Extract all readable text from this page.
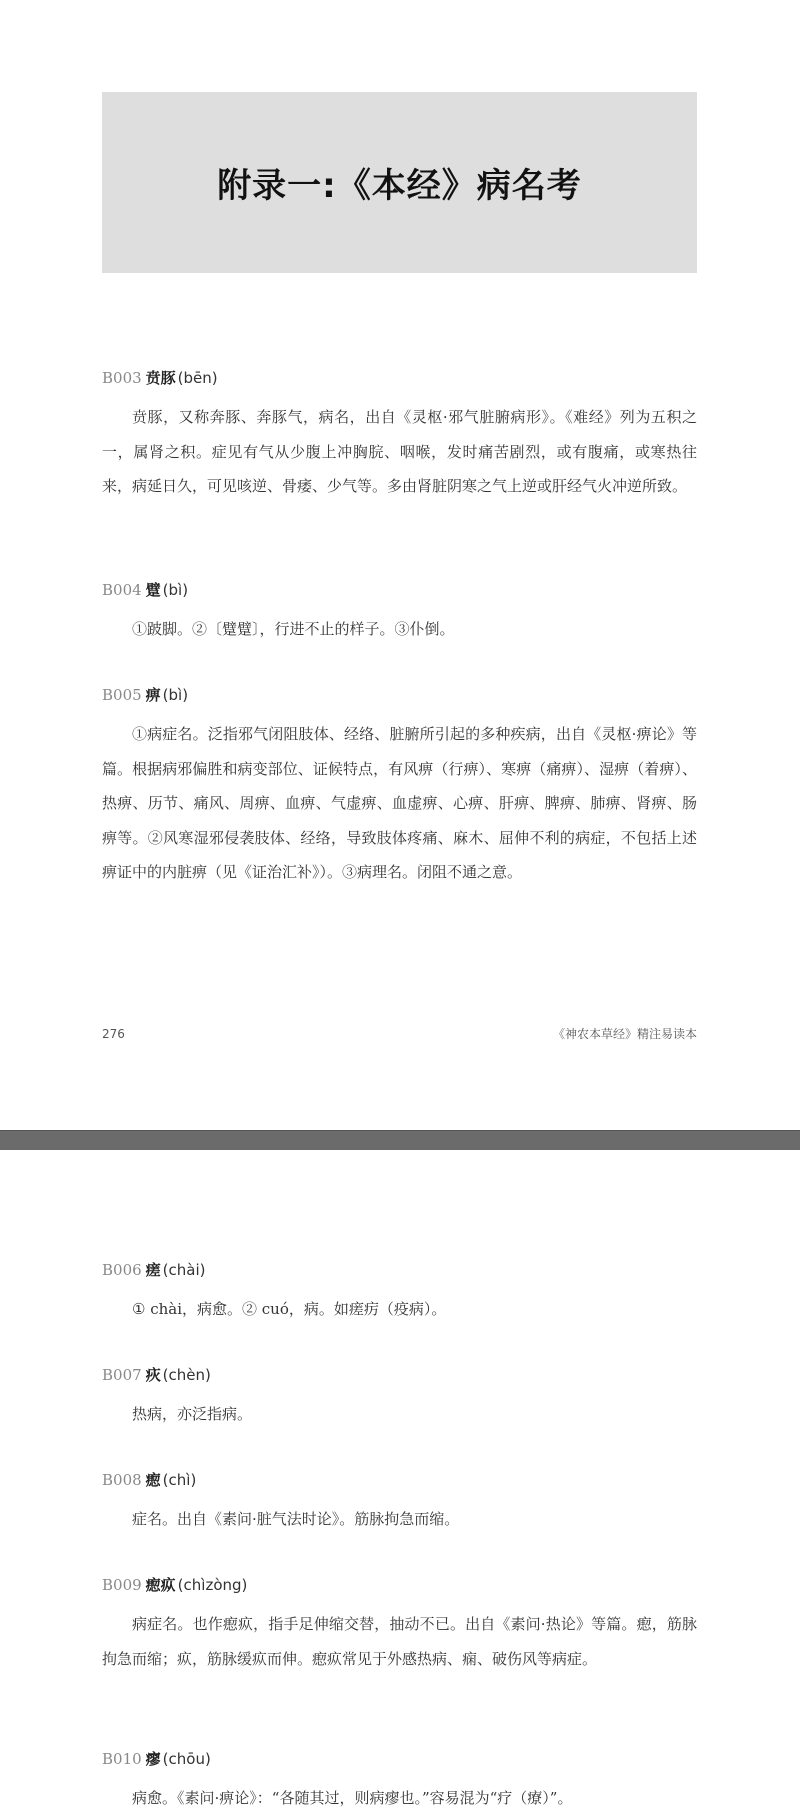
附录一:《本经》病名考
B003 贲豚 (bēn)
贲豚，又称奔豚、奔豚气，病名，出自《灵枢·邪气脏腑病形》。《难经》列为五积之一，属肾之积。症见有气从少腹上冲胸脘、咽喉，发时痛苦剧烈，或有腹痛，或寒热往来，病延日久，可见咳逆、骨痿、少气等。多由肾脏阴寒之气上逆或肝经气火冲逆所致。
B004 躄 (bì)
①跛脚。②〔躄躄〕，行进不止的样子。③仆倒。
B005 痹 (bì)
①病症名。泛指邪气闭阻肢体、经络、脏腑所引起的多种疾病，出自《灵枢·痹论》等篇。根据病邪偏胜和病变部位、证候特点，有风痹（行痹）、寒痹（痛痹）、湿痹（着痹）、热痹、历节、痛风、周痹、血痹、气虚痹、血虚痹、心痹、肝痹、脾痹、肺痹、肾痹、肠痹等。②风寒湿邪侵袭肢体、经络，导致肢体疼痛、麻木、屈伸不利的病症，不包括上述痹证中的内脏痹（见《证治汇补》）。③病理名。闭阻不通之意。
276	《神农本草经》精注易读本
B006 瘥 (chài)
① chài，病愈。② cuó，病。如瘥疠（疫病）。
B007 疢 (chèn)
热病，亦泛指病。
B008 瘛 (chì)
症名。出自《素问·脏气法时论》。筋脉拘急而缩。
B009 瘛疭 (chìzòng)
病症名。也作瘛疭，指手足伸缩交替，抽动不已。出自《素问·热论》等篇。瘛，筋脉拘急而缩；疭，筋脉缓疭而伸。瘛疭常见于外感热病、痫、破伤风等病症。
B010 瘳 (chōu)
病愈。《素问·痹论》：“各随其过，则病瘳也。”容易混为“疗（療）”。
